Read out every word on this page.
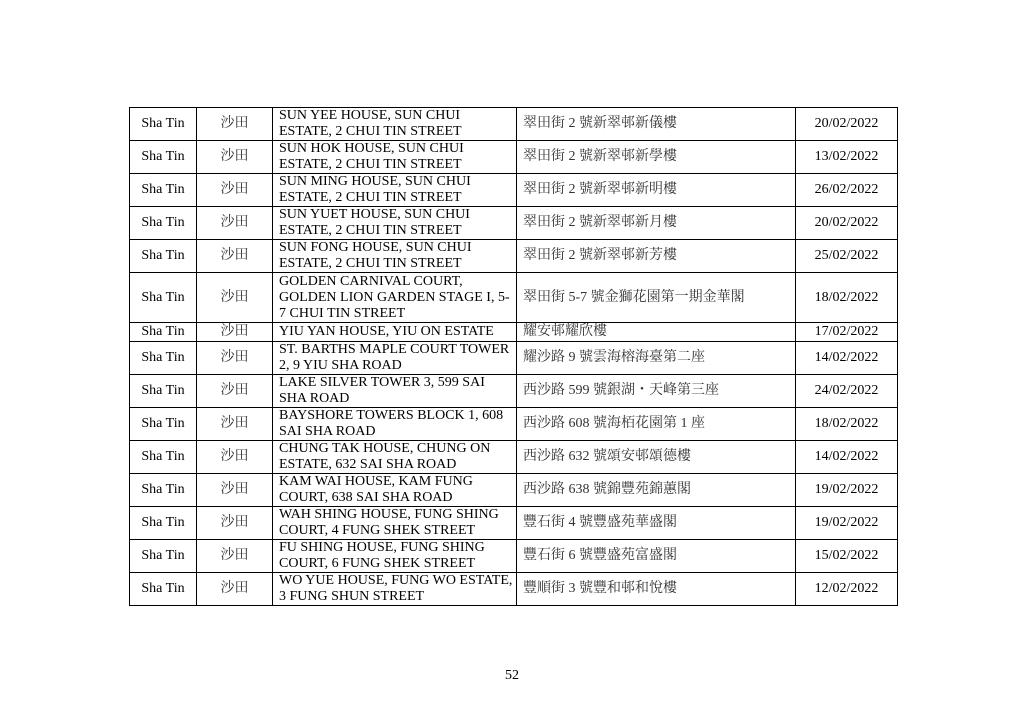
Sha Tin	沙田	SUN YEE HOUSE, SUN CHUI ESTATE, 2 CHUI TIN STREET	翠田街 2 號新翠邨新儀樓	20/02/2022
Sha Tin	沙田	SUN HOK HOUSE, SUN CHUI ESTATE, 2 CHUI TIN STREET	翠田街 2 號新翠邨新學樓	13/02/2022
Sha Tin	沙田	SUN MING HOUSE, SUN CHUI ESTATE, 2 CHUI TIN STREET	翠田街 2 號新翠邨新明樓	26/02/2022
Sha Tin	沙田	SUN YUET HOUSE, SUN CHUI ESTATE, 2 CHUI TIN STREET	翠田街 2 號新翠邨新月樓	20/02/2022
Sha Tin	沙田	SUN FONG HOUSE, SUN CHUI ESTATE, 2 CHUI TIN STREET	翠田街 2 號新翠邨新芳樓	25/02/2022
Sha Tin	沙田	GOLDEN CARNIVAL COURT, GOLDEN LION GARDEN STAGE I, 5-7 CHUI TIN STREET	翠田街 5-7 號金獅花園第一期金華閣	18/02/2022
Sha Tin	沙田	YIU YAN HOUSE, YIU ON ESTATE	耀安邨耀欣樓	17/02/2022
Sha Tin	沙田	ST. BARTHS MAPLE COURT TOWER 2, 9 YIU SHA ROAD	耀沙路 9 號雲海榕海臺第二座	14/02/2022
Sha Tin	沙田	LAKE SILVER TOWER 3, 599 SAI SHA ROAD	西沙路 599 號銀湖・天峰第三座	24/02/2022
Sha Tin	沙田	BAYSHORE TOWERS BLOCK 1, 608 SAI SHA ROAD	西沙路 608 號海栢花園第 1 座	18/02/2022
Sha Tin	沙田	CHUNG TAK HOUSE, CHUNG ON ESTATE, 632 SAI SHA ROAD	西沙路 632 號頌安邨頌德樓	14/02/2022
Sha Tin	沙田	KAM WAI HOUSE, KAM FUNG COURT, 638 SAI SHA ROAD	西沙路 638 號錦豐苑錦蕙閣	19/02/2022
Sha Tin	沙田	WAH SHING HOUSE, FUNG SHING COURT, 4 FUNG SHEK STREET	豐石街 4 號豐盛苑華盛閣	19/02/2022
Sha Tin	沙田	FU SHING HOUSE, FUNG SHING COURT, 6 FUNG SHEK STREET	豐石街 6 號豐盛苑富盛閣	15/02/2022
Sha Tin	沙田	WO YUE HOUSE, FUNG WO ESTATE, 3 FUNG SHUN STREET	豐順街 3 號豐和邨和悅樓	12/02/2022
52
